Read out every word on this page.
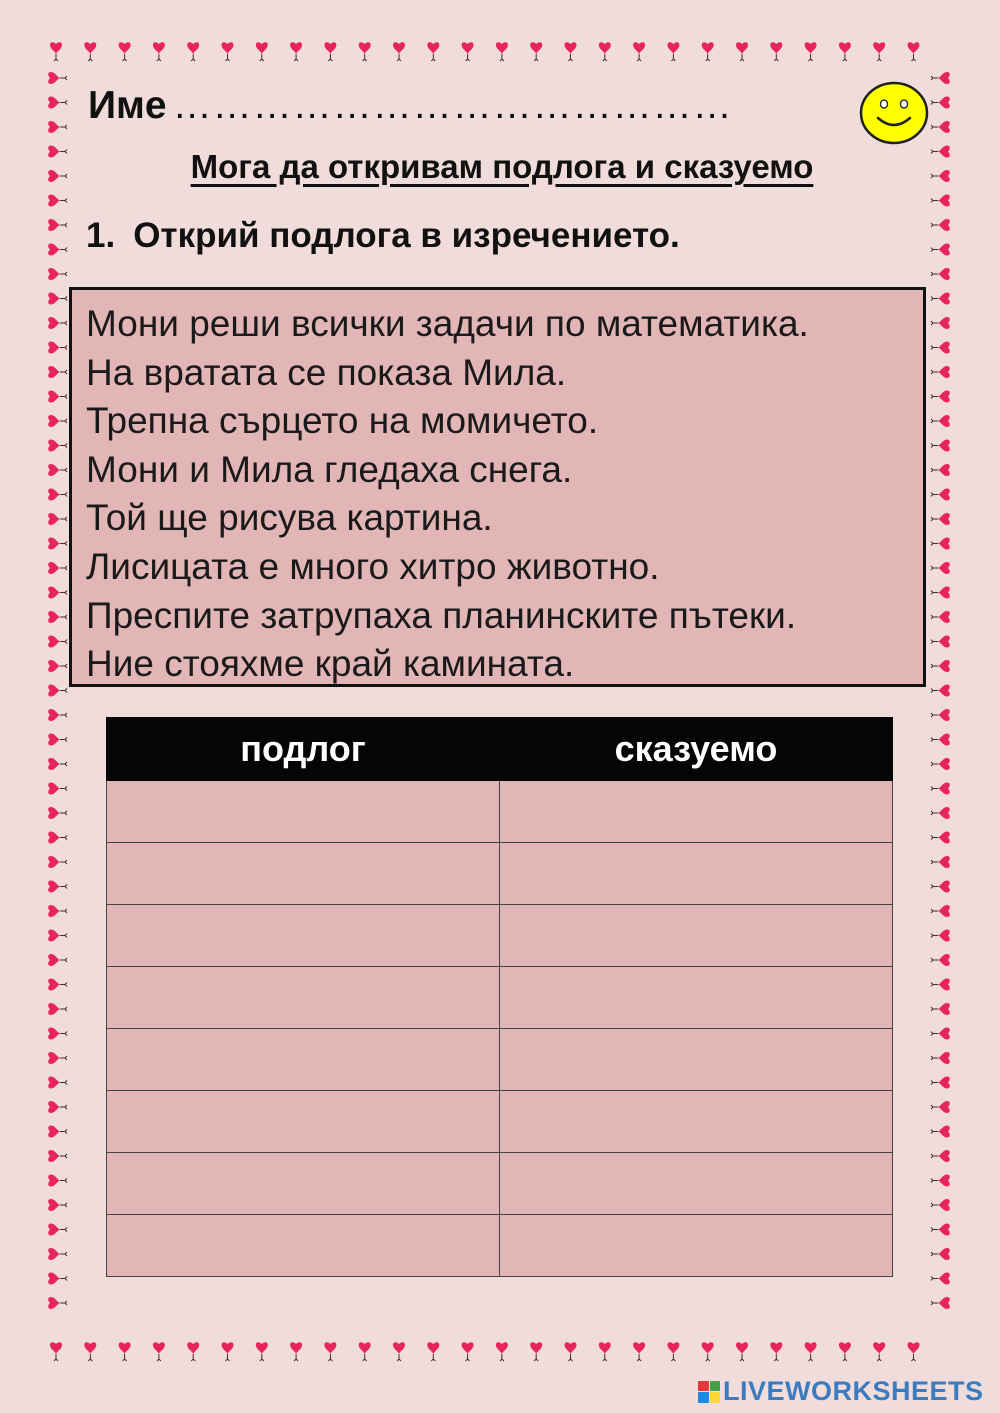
Име ……………………………………
Мога да откривам подлога и сказуемо
1. Открий подлога в изречението.
Мони реши всички задачи по математика.
На вратата се показа Мила.
Трепна сърцето на момичето.
Мони и Мила гледаха снега.
Той ще рисува картина.
Лисицата е много хитро животно.
Преспите затрупаха планинските пътеки.
Ние стояхме край камината.
подлог	сказуемо

LIVEWORKSHEETS
